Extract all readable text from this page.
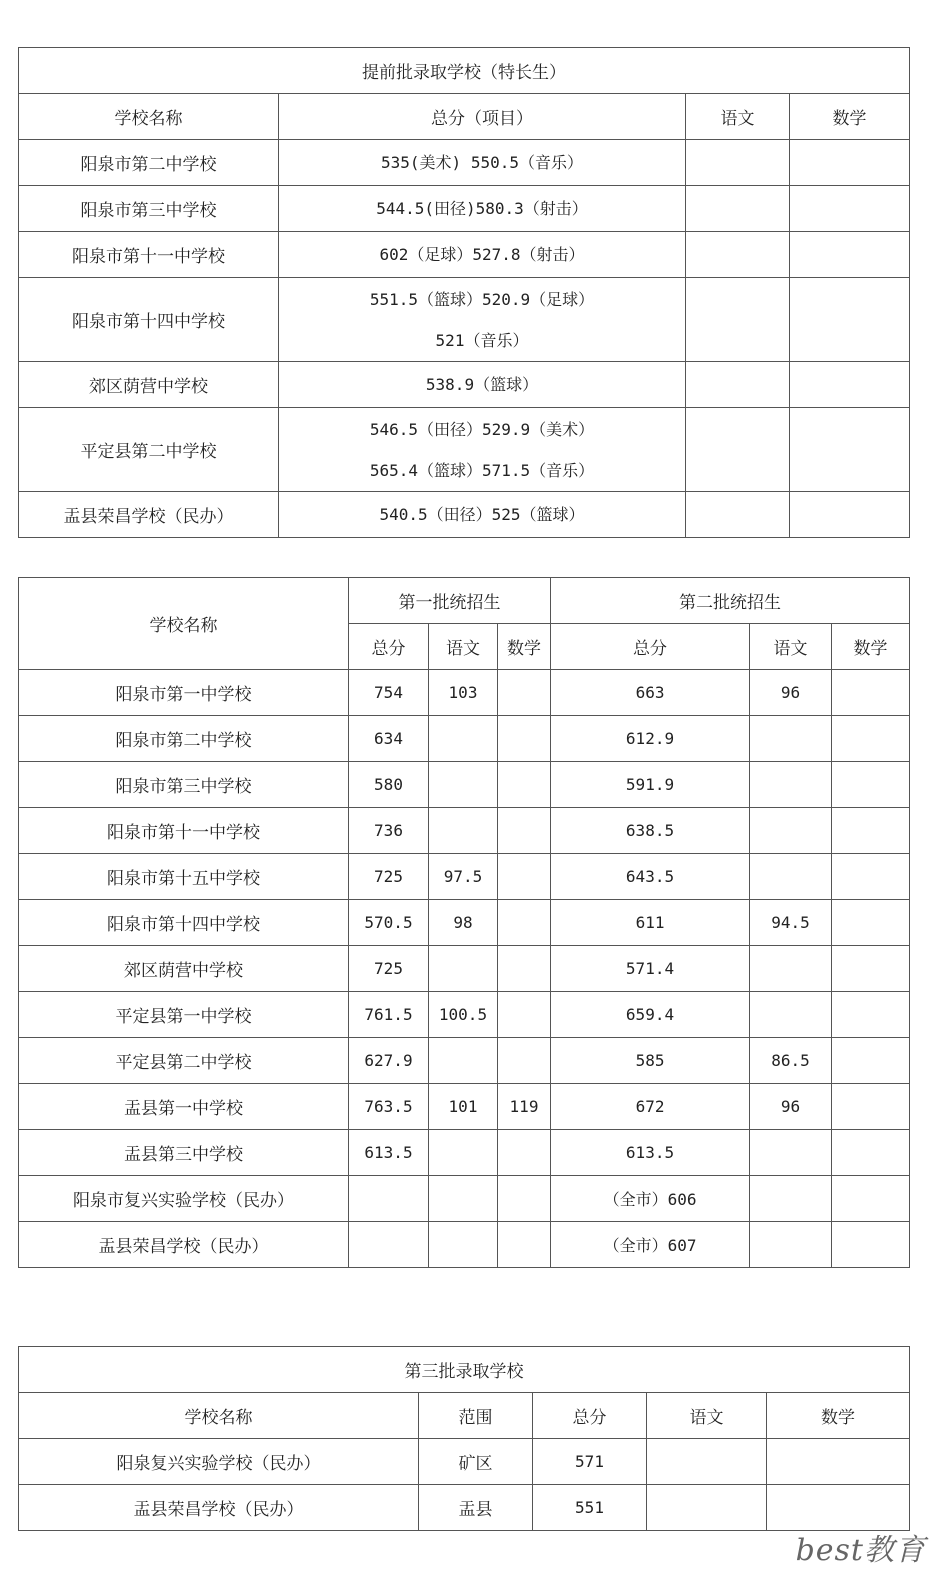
提前批录取学校（特长生）			
学校名称	总分（项目）	语文	数学
阳泉市第二中学校	535(美术) 550.5（音乐）		

阳泉市第三中学校	544.5(田径)580.3（射击）		

阳泉市第十一中学校	602（足球）527.8（射击）		

阳泉市第十四中学校	551.5（篮球）520.9（足球）
521（音乐）		

郊区荫营中学校	538.9（篮球）		

平定县第二中学校	546.5（田径）529.9（美术）
565.4（篮球）571.5（音乐）		

盂县荣昌学校（民办）	540.5（田径）525（篮球）		

学校名称	第一批统招生			第二批统招生		
	总分	语文	数学	总分	语文	数学
阳泉市第一中学校	754	103		663	96	
阳泉市第二中学校	634			612.9		
阳泉市第三中学校	580			591.9		
阳泉市第十一中学校	736			638.5		
阳泉市第十五中学校	725	97.5		643.5		
阳泉市第十四中学校	570.5	98		611	94.5	
郊区荫营中学校	725			571.4		
平定县第一中学校	761.5	100.5		659.4		
平定县第二中学校	627.9			585	86.5	
盂县第一中学校	763.5	101	119	672	96	
盂县第三中学校	613.5			613.5		
阳泉市复兴实验学校（民办）				（全市）606		
盂县荣昌学校（民办）				（全市）607		
第三批录取学校				
学校名称	范围	总分	语文	数学
阳泉复兴实验学校（民办）	矿区	571		
盂县荣昌学校（民办）	盂县	551		
best教育
